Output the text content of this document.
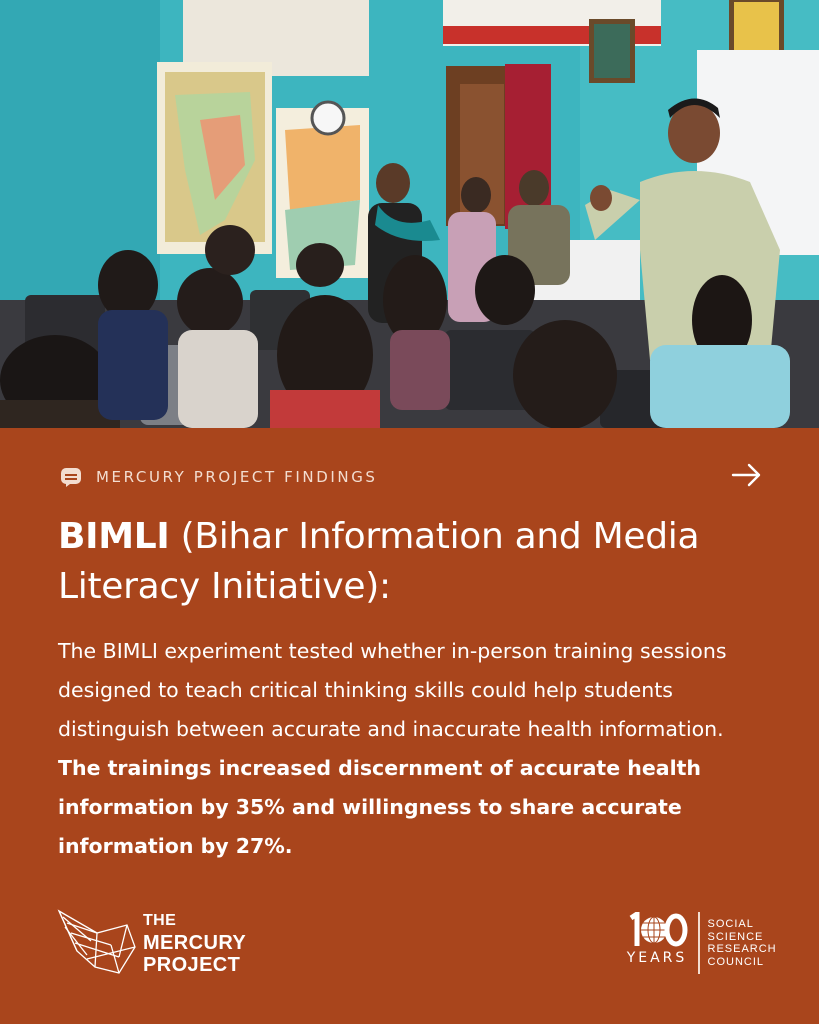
MERCURY PROJECT FINDINGS
BIMLI (Bihar Information and Media Literacy Initiative):
The BIMLI experiment tested whether in-person training sessions designed to teach critical thinking skills could help students distinguish between accurate and inaccurate health information. The trainings increased discernment of accurate health information by 35% and willingness to share accurate information by 27%.
THE
MERCURY
PROJECT	YEARS
SOCIAL
SCIENCE
RESEARCH
COUNCIL
